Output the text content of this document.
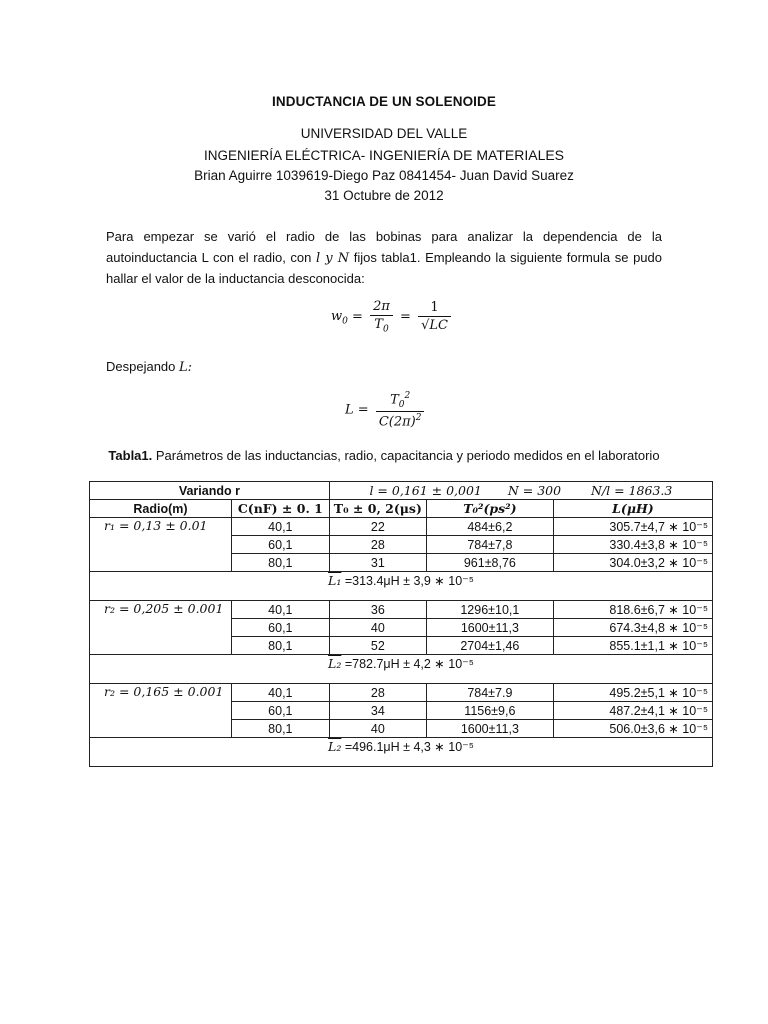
INDUCTANCIA DE UN SOLENOIDE
UNIVERSIDAD DEL VALLE
INGENIERÍA ELÉCTRICA- INGENIERÍA DE MATERIALES
Brian Aguirre 1039619-Diego Paz 0841454- Juan David Suarez
31 Octubre de 2012
Para empezar se varió el radio de las bobinas para analizar la dependencia de la autoinductancia L con el radio, con l y N fijos tabla1. Empleando la siguiente formula se pudo hallar el valor de la inductancia desconocida:
$w_0 = \frac{2\pi}{T_0} = \frac{1}{√LC}$
Despejando L:
$L = \frac{T_0^2}{C(2\pi)^2}$
Tabla1. Parámetros de las inductancias, radio, capacitancia y periodo medidos en el laboratorio
Variando r		l = 0,161 ± 0,001 N = 300 N/l = 1863.3		
Radio(m)	C(nF) ± 0. 1	T₀ ± 0, 2(μs)	T₀²(ps²)	L(μH)
r₁ = 0,13 ± 0.01	40,1	22	484±6,2	305.7±4,7 ∗ 10⁻⁵
	60,1	28	784±7,8	330.4±3,8 ∗ 10⁻⁵
	80,1	31	961±8,76	304.0±3,2 ∗ 10⁻⁵
L₁ =313.4μH ± 3,9 ∗ 10⁻⁵				
r₂ = 0,205 ± 0.001	40,1	36	1296±10,1	818.6±6,7 ∗ 10⁻⁵
	60,1	40	1600±11,3	674.3±4,8 ∗ 10⁻⁵
	80,1	52	2704±1,46	855.1±1,1 ∗ 10⁻⁵
L₂ =782.7μH ± 4,2 ∗ 10⁻⁵				
r₂ = 0,165 ± 0.001	40,1	28	784±7.9	495.2±5,1 ∗ 10⁻⁵
	60,1	34	1156±9,6	487.2±4,1 ∗ 10⁻⁵
	80,1	40	1600±11,3	506.0±3,6 ∗ 10⁻⁵
L₂ =496.1μH ± 4,3 ∗ 10⁻⁵				
